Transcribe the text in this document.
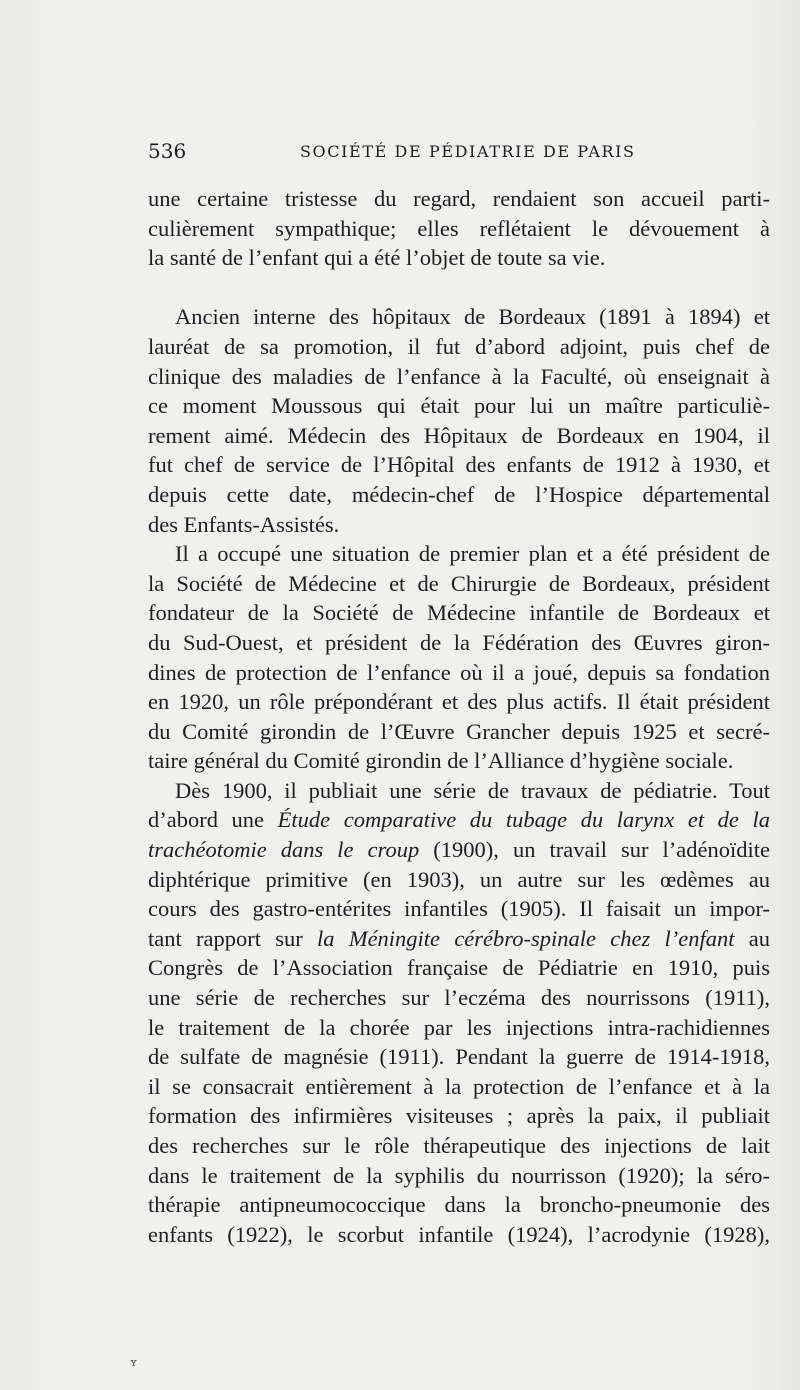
536	SOCIÉTÉ DE PÉDIATRIE DE PARIS
une certaine tristesse du regard, rendaient son accueil parti-
culièrement sympathique; elles reflétaient le dévouement à
la santé de l’enfant qui a été l’objet de toute sa vie.
Ancien interne des hôpitaux de Bordeaux (1891 à 1894) et
lauréat de sa promotion, il fut d’abord adjoint, puis chef de
clinique des maladies de l’enfance à la Faculté, où enseignait à
ce moment Moussous qui était pour lui un maître particuliè-
rement aimé. Médecin des Hôpitaux de Bordeaux en 1904, il
fut chef de service de l’Hôpital des enfants de 1912 à 1930, et
depuis cette date, médecin-chef de l’Hospice départemental
des Enfants-Assistés.
Il a occupé une situation de premier plan et a été président de
la Société de Médecine et de Chirurgie de Bordeaux, président
fondateur de la Société de Médecine infantile de Bordeaux et
du Sud-Ouest, et président de la Fédération des Œuvres giron-
dines de protection de l’enfance où il a joué, depuis sa fondation
en 1920, un rôle prépondérant et des plus actifs. Il était président
du Comité girondin de l’Œuvre Grancher depuis 1925 et secré-
taire général du Comité girondin de l’Alliance d’hygiène sociale.
Dès 1900, il publiait une série de travaux de pédiatrie. Tout
d’abord une Étude comparative du tubage du larynx et de la
trachéotomie dans le croup (1900), un travail sur l’adénoïdite
diphtérique primitive (en 1903), un autre sur les œdèmes au
cours des gastro-entérites infantiles (1905). Il faisait un impor-
tant rapport sur la Méningite cérébro-spinale chez l’enfant au
Congrès de l’Association française de Pédiatrie en 1910, puis
une série de recherches sur l’eczéma des nourrissons (1911),
le traitement de la chorée par les injections intra-rachidiennes
de sulfate de magnésie (1911). Pendant la guerre de 1914-1918,
il se consacrait entièrement à la protection de l’enfance et à la
formation des infirmières visiteuses ; après la paix, il publiait
des recherches sur le rôle thérapeutique des injections de lait
dans le traitement de la syphilis du nourrisson (1920); la séro-
thérapie antipneumococcique dans la broncho-pneumonie des
enfants (1922), le scorbut infantile (1924), l’acrodynie (1928),
ʏ
